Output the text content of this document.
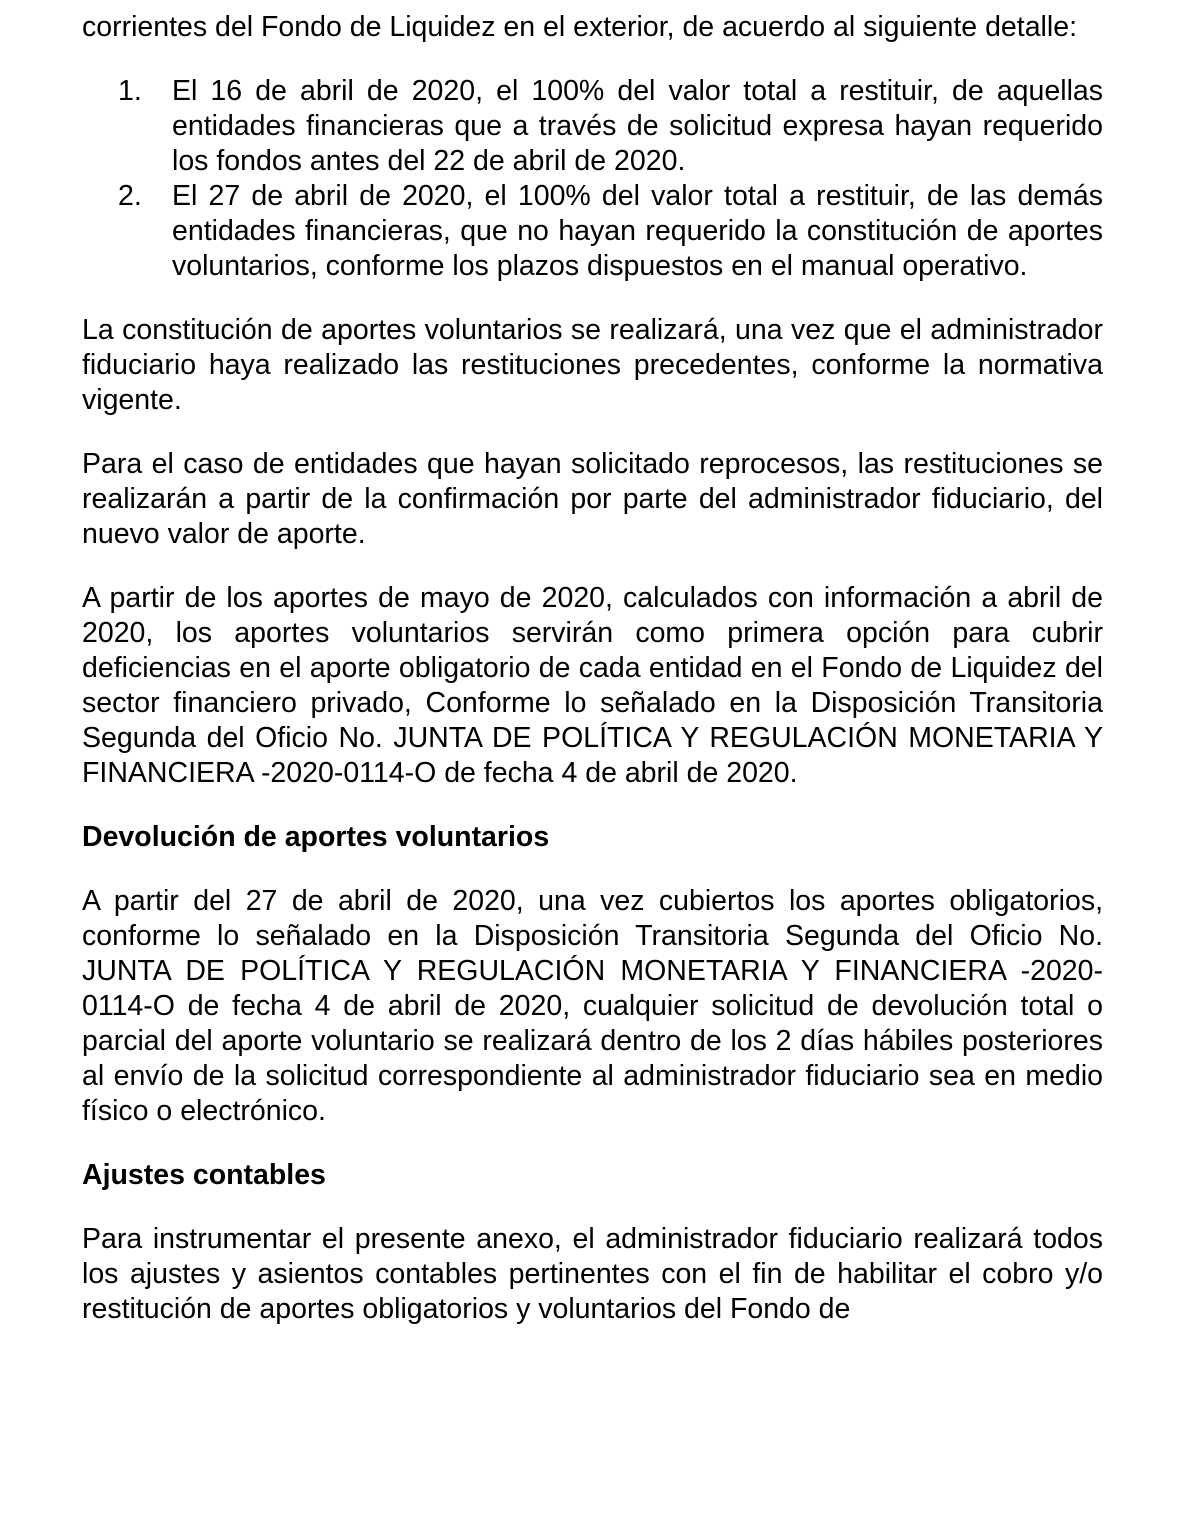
corrientes del Fondo de Liquidez en el exterior, de acuerdo al siguiente detalle:

1. El 16 de abril de 2020, el 100% del valor total a restituir, de aquellas entidades financieras que a través de solicitud expresa hayan requerido los fondos antes del 22 de abril de 2020.
2. El 27 de abril de 2020, el 100% del valor total a restituir, de las demás entidades financieras, que no hayan requerido la constitución de aportes voluntarios, conforme los plazos dispuestos en el manual operativo.

La constitución de aportes voluntarios se realizará, una vez que el administrador fiduciario haya realizado las restituciones precedentes, conforme la normativa vigente.

Para el caso de entidades que hayan solicitado reprocesos, las restituciones se realizarán a partir de la confirmación por parte del administrador fiduciario, del nuevo valor de aporte.

A partir de los aportes de mayo de 2020, calculados con información a abril de 2020, los aportes voluntarios servirán como primera opción para cubrir deficiencias en el aporte obligatorio de cada entidad en el Fondo de Liquidez del sector financiero privado, Conforme lo señalado en la Disposición Transitoria Segunda del Oficio No. JUNTA DE POLÍTICA Y REGULACIÓN MONETARIA Y FINANCIERA -2020-0114-O de fecha 4 de abril de 2020.

Devolución de aportes voluntarios

A partir del 27 de abril de 2020, una vez cubiertos los aportes obligatorios, conforme lo señalado en la Disposición Transitoria Segunda del Oficio No. JUNTA DE POLÍTICA Y REGULACIÓN MONETARIA Y FINANCIERA -2020-0114-O de fecha 4 de abril de 2020, cualquier solicitud de devolución total o parcial del aporte voluntario se realizará dentro de los 2 días hábiles posteriores al envío de la solicitud correspondiente al administrador fiduciario sea en medio físico o electrónico.

Ajustes contables

Para instrumentar el presente anexo, el administrador fiduciario realizará todos los ajustes y asientos contables pertinentes con el fin de habilitar el cobro y/o restitución de aportes obligatorios y voluntarios del Fondo de
